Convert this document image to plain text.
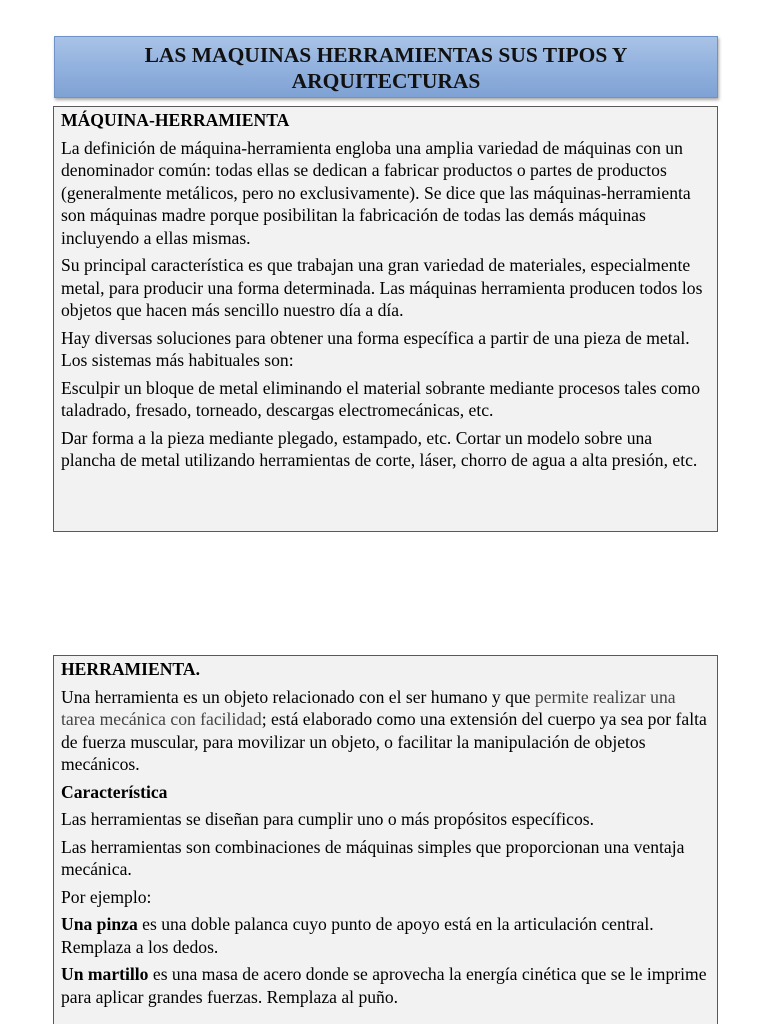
LAS MAQUINAS HERRAMIENTAS SUS TIPOS Y
ARQUITECTURAS

MÁQUINA-HERRAMIENTA

La definición de máquina-herramienta engloba una amplia variedad de máquinas con un denominador común: todas ellas se dedican a fabricar productos o partes de productos (generalmente metálicos, pero no exclusivamente). Se dice que las máquinas-herramienta son máquinas madre porque posibilitan la fabricación de todas las demás máquinas incluyendo a ellas mismas.

Su principal característica es que trabajan una gran variedad de materiales, especialmente metal, para producir una forma determinada. Las máquinas herramienta producen todos los objetos que hacen más sencillo nuestro día a día.

Hay diversas soluciones para obtener una forma específica a partir de una pieza de metal. Los sistemas más habituales son:

Esculpir un bloque de metal eliminando el material sobrante mediante procesos tales como taladrado, fresado, torneado, descargas electromecánicas, etc.

Dar forma a la pieza mediante plegado, estampado, etc. Cortar un modelo sobre una plancha de metal utilizando herramientas de corte, láser, chorro de agua a alta presión, etc.

HERRAMIENTA.

Una herramienta es un objeto relacionado con el ser humano y que permite realizar una tarea mecánica con facilidad; está elaborado como una extensión del cuerpo ya sea por falta de fuerza muscular, para movilizar un objeto, o facilitar la manipulación de objetos mecánicos.

Característica

Las herramientas se diseñan para cumplir uno o más propósitos específicos.

Las herramientas son combinaciones de máquinas simples que proporcionan una ventaja mecánica.

Por ejemplo:

Una pinza es una doble palanca cuyo punto de apoyo está en la articulación central. Remplaza a los dedos.

Un martillo es una masa de acero donde se aprovecha la energía cinética que se le imprime para aplicar grandes fuerzas. Remplaza al puño.
